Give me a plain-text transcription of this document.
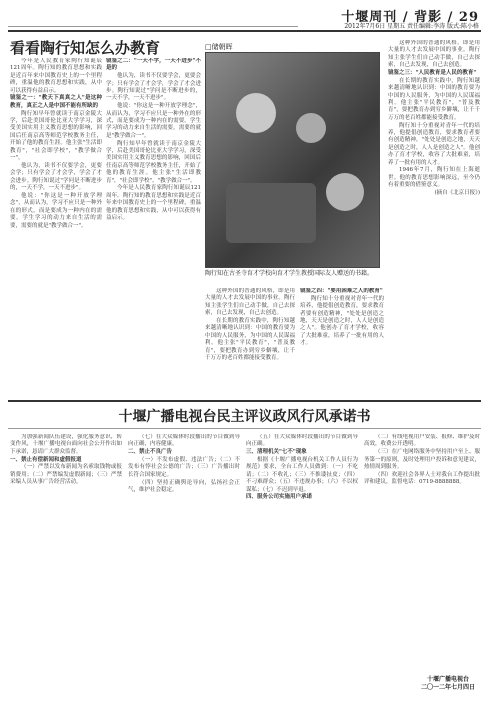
十堰周刊 / 背影 / 29
2012年7月6日 星期五 责任编辑:李涛 版式:陈小格
看看陶行知怎么办教育	□储朝晖
陶行知在古圣寺育才学校向育才学生教授国际友人赠送的书籍。

今年是人民教育家陶行知诞辰121周年。陶行知的教育思想和实践是近百年来中国教育史上的一个里程碑，重温他的教育思想和实践，从中可以获得有益启示。

镜鉴之一："教天下真真之人"是这种教育，真正之人是中国不能有所缺的

陶行知早年曾就读于南京金陵大学，后赴美国哥伦比亚大学学习，深受美国实用主义教育思想的影响，回国后任南京高等师范学校教务主任，开始了他的教育生涯。他主张"生活即教育"，"社会即学校"，"教学做合一"。

他认为，读书不仅要学会，更要会学；只有学会了才会学，学会了才会进步。陶行知说过"学问是不断进步的，一天不学，一天不进步"。

他说："你这是一种开放学理念"，从而认为，学习不应只是一种外在的形式，而是要成为一种内在的需要。学生学习的动力来自生活的需要，需要的就是"教学做合一"。

镜鉴之二："一天不学，一天不进步"不是的

他认为，读书不仅要学会，更要会学；只有学会了才会学，学会了才会进步。陶行知说过"学问是不断进步的，一天不学，一天不进步"。

他说："你这是一种开放学理念"，从而认为，学习不应只是一种外在的形式，而是要成为一种内在的需要。学生学习的动力来自生活的需要，需要的就是"教学做合一"。

陶行知早年曾就读于南京金陵大学，后赴美国哥伦比亚大学学习，深受美国实用主义教育思想的影响，回国后任南京高等师范学校教务主任，开始了他的教育生涯。他主张"生活即教育"，"社会即学校"，"教学做合一"。

今年是人民教育家陶行知诞辰121周年。陶行知的教育思想和实践是近百年来中国教育史上的一个里程碑，重温他的教育思想和实践，从中可以获得有益启示。

这种外国的普通的风格，即是用大量的人才去发展中国的事业。陶行知主张学生们自己动手做，自己去探索，自己去发现，自己去创造。

在长期的教育实践中，陶行知越来越清晰地认识到：中国的教育要为中国的人民服务，为中国的人民谋福利。他主张"平民教育"，"普及教育"，要把教育办到穷乡僻壤，让千千万万的老百姓都能接受教育。

镜鉴之四："要用困难之人的教育"

陶行知十分重视对青年一代的培养，他提倡创造教育，要求教育者要有创造精神，"处处是创造之地，天天是创造之时，人人是创造之人"。他创办了育才学校，收容了大批难童，培养了一批有用的人才。

这种外国的普通的风格，即是用大量的人才去发展中国的事业。陶行知主张学生们自己动手做，自己去探索，自己去发现，自己去创造。

镜鉴之三："人民教育是人民的教育"

在长期的教育实践中，陶行知越来越清晰地认识到：中国的教育要为中国的人民服务，为中国的人民谋福利。他主张"平民教育"，"普及教育"，要把教育办到穷乡僻壤，让千千万万的老百姓都能接受教育。

陶行知十分重视对青年一代的培养，他提倡创造教育，要求教育者要有创造精神，"处处是创造之地，天天是创造之时，人人是创造之人"。他创办了育才学校，收容了大批难童，培养了一批有用的人才。

1946年7月，陶行知在上海逝世。他的教育思想影响深远，至今仍有着重要的借鉴意义。

(摘自《北京日报》)

十堰广播电视台民主评议政风行风承诺书

为加强新闻队伍建设，强化服务意识，转变作风，十堰广播电视台面向社会公开作出如下承诺，恳请广大群众监督。

一、禁止有偿新闻和虚假报道

（一）严禁以发布新闻为名索取钱物或报销费用；（二）严禁编发虚假新闻；（三）严禁采编人员从事广告经营活动。

（七）在大众媒体时段播出的节目做到导向正确，内容健康。

二、禁止不良广告

（一）不发布虚假、违法广告；（二）不发布有悖社会公德的广告；（三）广告播出时长符合国家规定。

（四）坚持正确舆论导向，弘扬社会正气，维护社会稳定。

（五）在大众媒体时段播出的节目做到导向正确。

三、清理机关"七不"现象

根据《十堰广播电视台机关工作人员行为规范》要求，全台工作人员做到：（一）不吃请；（二）不收礼；（三）不推诿扯皮；（四）不刁难群众；（五）不违规办事；（六）不以权谋私；（七）不迟到早退。

四、服务公司实施用户承诺

（二）有线电视用户安装、报修、维护及时高效，收费公开透明。

（三）在广电网络服务中坚持用户至上、服务第一的原则，及时处理用户投诉和意见建议，热情周到服务。

（四）欢迎社会各界人士对我台工作提出批评和建议，监督电话：0719-8888888。

十堰广播电视台
二〇一二年七月四日
